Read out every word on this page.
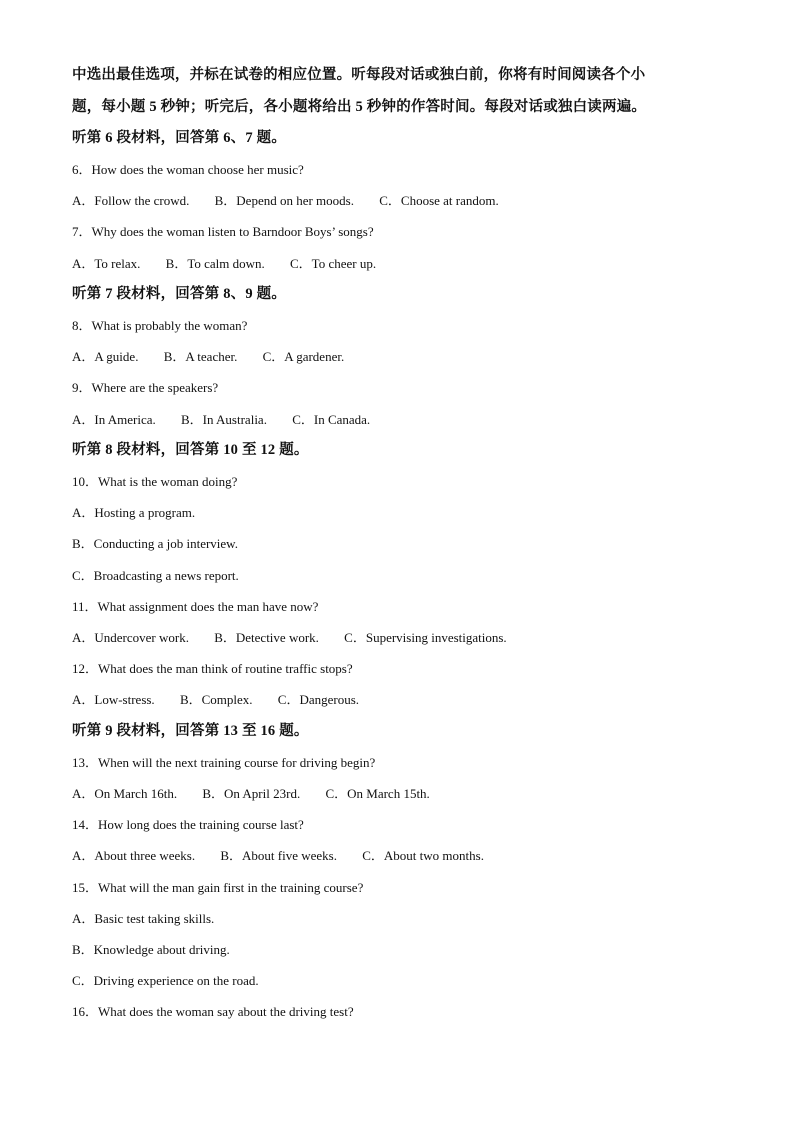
中选出最佳选项，并标在试卷的相应位置。听每段对话或独白前，你将有时间阅读各个小
题，每小题 5 秒钟；听完后，各小题将给出 5 秒钟的作答时间。每段对话或独白读两遍。
听第 6 段材料，回答第 6、7 题。
6．How does the woman choose her music?
A．Follow the crowd. B．Depend on her moods. C．Choose at random.
7．Why does the woman listen to Barndoor Boys’ songs?
A．To relax. B．To calm down. C．To cheer up.
听第 7 段材料，回答第 8、9 题。
8．What is probably the woman?
A．A guide. B．A teacher. C．A gardener.
9．Where are the speakers?
A．In America. B．In Australia. C．In Canada.
听第 8 段材料，回答第 10 至 12 题。
10．What is the woman doing?
A．Hosting a program.
B．Conducting a job interview.
C．Broadcasting a news report.
11．What assignment does the man have now?
A．Undercover work. B．Detective work. C．Supervising investigations.
12．What does the man think of routine traffic stops?
A．Low-stress. B．Complex. C．Dangerous.
听第 9 段材料，回答第 13 至 16 题。
13．When will the next training course for driving begin?
A．On March 16th. B．On April 23rd. C．On March 15th.
14．How long does the training course last?
A．About three weeks. B．About five weeks. C．About two months.
15．What will the man gain first in the training course?
A．Basic test taking skills.
B．Knowledge about driving.
C．Driving experience on the road.
16．What does the woman say about the driving test?
